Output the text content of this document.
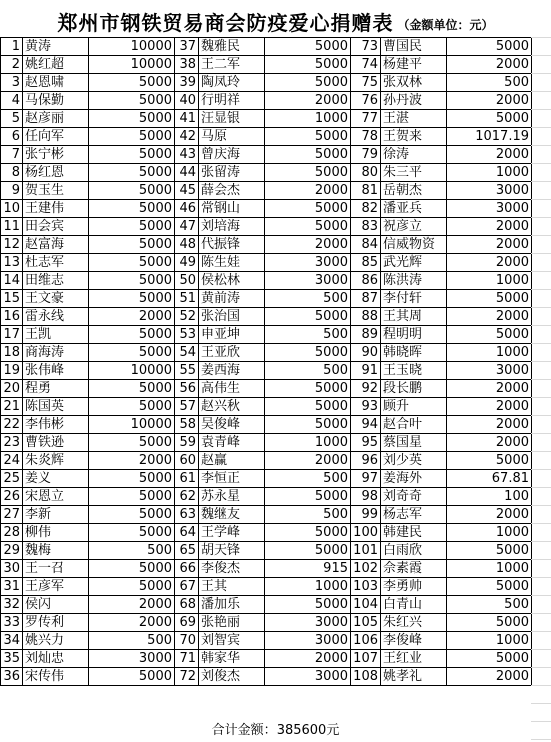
郑州市钢铁贸易商会防疫爱心捐赠表 （金额单位：元）
1	黄涛	10000	37	魏雅民	5000	73	曹国民	5000
2	姚红超	10000	38	王二军	5000	74	杨建平	2000
3	赵恩啸	5000	39	陶凤玲	5000	75	张双林	500
4	马保勤	5000	40	行明祥	2000	76	孙丹波	2000
5	赵彦丽	5000	41	汪显银	1000	77	王湛	5000
6	任向军	5000	42	马原	5000	78	王贺来	1017.19
7	张宁彬	5000	43	曾庆海	5000	79	徐涛	2000
8	杨红恩	5000	44	张留涛	5000	80	朱三平	1000
9	贺玉生	5000	45	薛会杰	2000	81	岳朝杰	3000
10	王建伟	5000	46	常钢山	5000	82	潘亚兵	3000
11	田会宾	5000	47	刘培海	5000	83	祝彦立	2000
12	赵富海	5000	48	代振锋	2000	84	信威物资	2000
13	杜志军	5000	49	陈生娃	3000	85	武光辉	2000
14	田维志	5000	50	侯松林	3000	86	陈洪涛	1000
15	王文豪	5000	51	黄前涛	500	87	李付轩	5000
16	雷永线	2000	52	张治国	5000	88	王其周	2000
17	王凯	5000	53	申亚坤	500	89	程明明	5000
18	商海涛	5000	54	王亚欣	5000	90	韩晓晖	1000
19	张伟峰	10000	55	姜西海	500	91	王玉晓	3000
20	程勇	5000	56	高伟生	5000	92	段长鹏	2000
21	陈国英	5000	57	赵兴秋	5000	93	顾升	2000
22	李伟彬	10000	58	吴俊峰	5000	94	赵合叶	2000
23	曹铁逊	5000	59	袁青峰	1000	95	蔡国星	2000
24	朱炎辉	2000	60	赵赢	2000	96	刘少英	5000
25	姜义	5000	61	李恒正	500	97	姜海外	67.81
26	宋恩立	5000	62	苏永星	5000	98	刘奇奇	100
27	李新	5000	63	魏继友	500	99	杨志军	2000
28	柳伟	5000	64	王学峰	5000	100	韩建民	1000
29	魏梅	500	65	胡天锋	5000	101	白雨欣	5000
30	王一召	5000	66	李俊杰	915	102	佘素霞	1000
31	王彦军	5000	67	王其	1000	103	李勇帅	5000
32	侯闪	2000	68	潘加乐	5000	104	白青山	500
33	罗传利	2000	69	张艳丽	3000	105	朱红兴	5000
34	姚兴力	500	70	刘智宾	3000	106	李俊峰	1000
35	刘灿忠	3000	71	韩家华	2000	107	王红业	5000
36	宋传伟	5000	72	刘俊杰	3000	108	姚孝礼	2000
合计金额：385600元
